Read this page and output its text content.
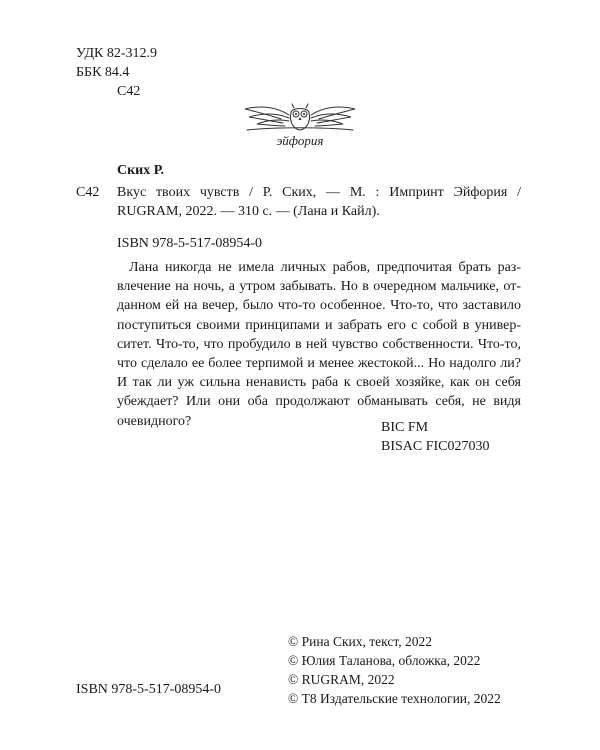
УДК 82-312.9
ББК 84.4
С42
эйфория
Ских Р.
С42 Вкус твоих чувств / Р. Ских, — М. : Импринт Эйфория /
RUGRAM, 2022. — 310 с. — (Лана и Кайл).
ISBN 978-5-517-08954-0

Лана никогда не имела личных рабов, предпочитая брать раз-

влечение на ночь, а утром забывать. Но в очередном мальчике, от-

данном ей на вечер, было что-то особенное. Что-то, что заставило

поступиться своими принципами и забрать его с собой в универ-

ситет. Что-то, что пробудило в ней чувство собственности. Что-то,

что сделало ее более терпимой и менее жестокой... Но надолго ли?

И так ли уж сильна ненависть раба к своей хозяйке, как он себя

убеждает? Или они оба продолжают обманывать себя, не видя

очевидного?	BIC FM
BISAC FIC027030
© Рина Ских, текст, 2022
© Юлия Таланова, обложка, 2022
© RUGRAM, 2022
© Т8 Издательские технологии, 2022
ISBN 978-5-517-08954-0
